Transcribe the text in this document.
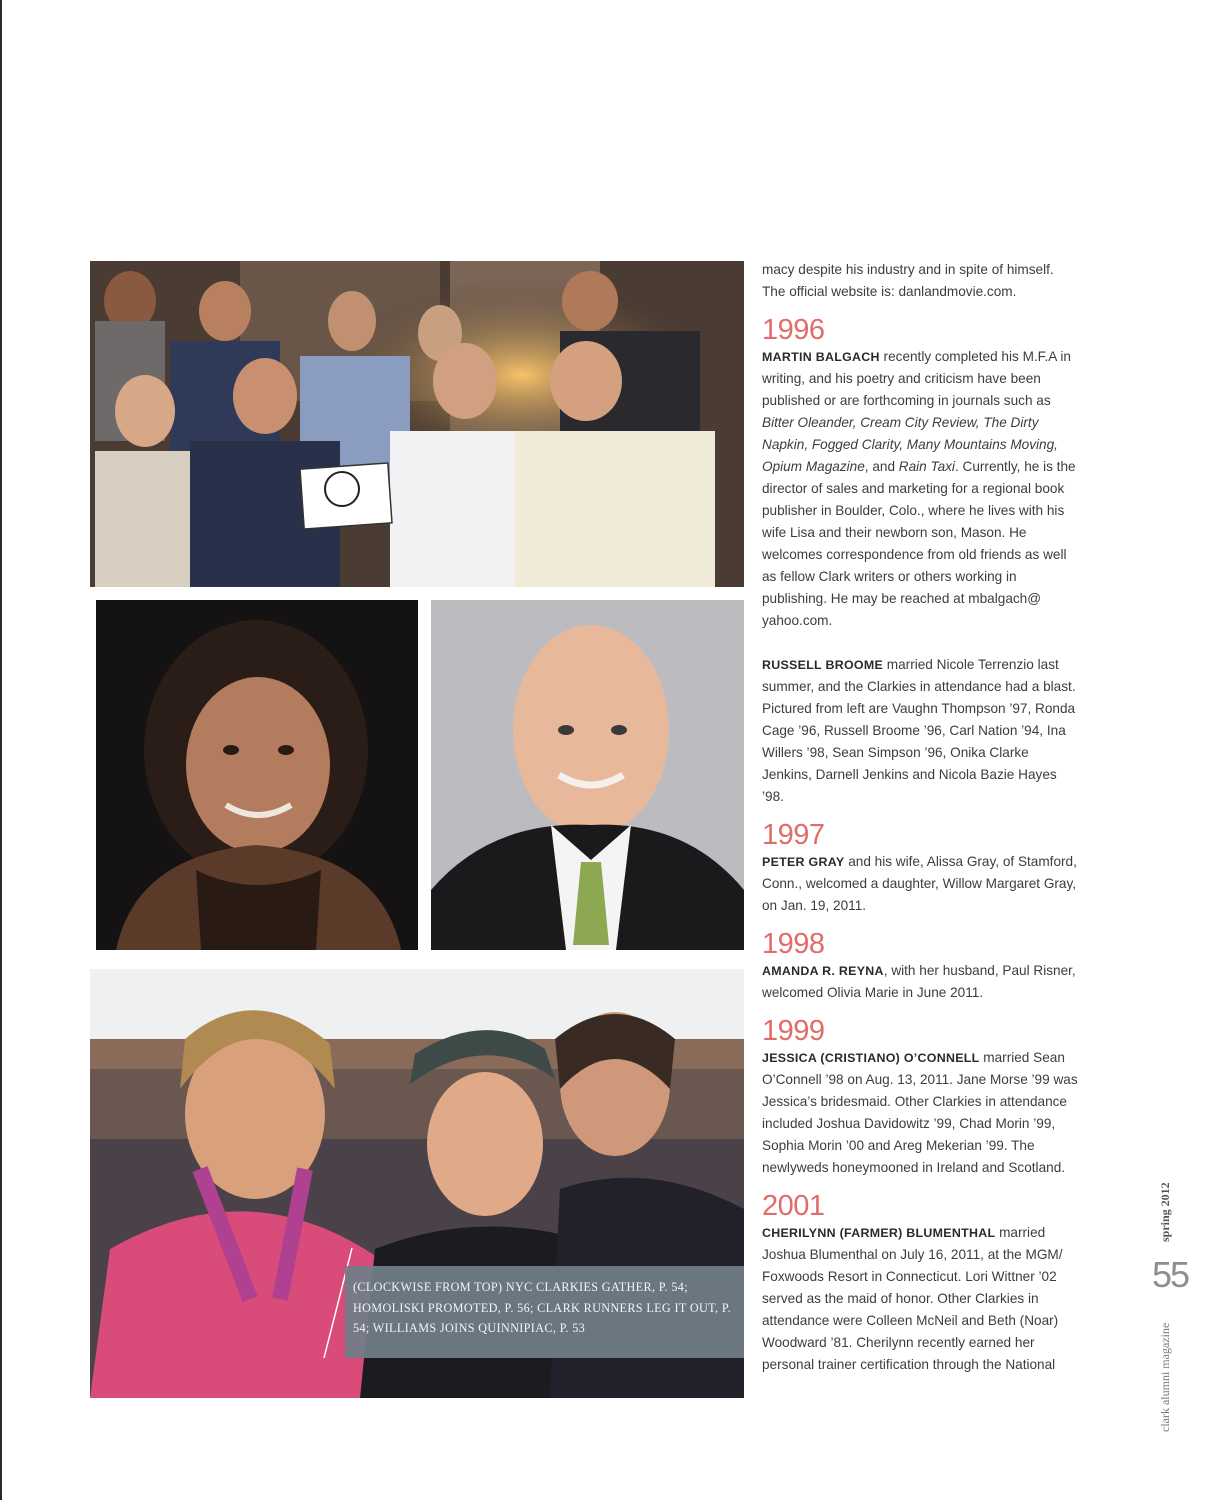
(CLOCKWISE FROM TOP) NYC CLARKIES GATHER, P. 54; HOMOLISKI PROMOTED, P. 56; CLARK RUNNERS LEG IT OUT, P. 54; WILLIAMS JOINS QUINNIPIAC, P. 53

macy despite his industry and in spite of himself. The official website is: danlandmovie.com.

1996

MARTIN BALGACH recently completed his M.F.A in writing, and his poetry and criticism have been published or are forthcoming in journals such as Bitter Oleander, Cream City Review, The Dirty Napkin, Fogged Clarity, Many Mountains Moving, Opium Magazine, and Rain Taxi. Currently, he is the director of sales and marketing for a regional book publisher in Boulder, Colo., where he lives with his wife Lisa and their newborn son, Mason. He welcomes correspondence from old friends as well as fellow Clark writers or others working in publishing. He may be reached at mbalgach@ yahoo.com.

RUSSELL BROOME married Nicole Terrenzio last summer, and the Clarkies in attendance had a blast. Pictured from left are Vaughn Thompson ’97, Ronda Cage ’96, Russell Broome ’96, Carl Nation ’94, Ina Willers ’98, Sean Simpson ’96, Onika Clarke Jenkins, Darnell Jenkins and Nicola Bazie Hayes ’98.

1997

PETER GRAY and his wife, Alissa Gray, of Stamford, Conn., welcomed a daughter, Willow Margaret Gray, on Jan. 19, 2011.

1998

AMANDA R. REYNA, with her husband, Paul Risner, welcomed Olivia Marie in June 2011.

1999

JESSICA (CRISTIANO) O’CONNELL married Sean O’Connell ’98 on Aug. 13, 2011. Jane Morse ’99 was Jessica’s bridesmaid. Other Clarkies in attendance included Joshua Davidowitz ’99, Chad Morin ’99, Sophia Morin ’00 and Areg Mekerian ’99. The newlyweds honeymooned in Ireland and Scotland.

2001

CHERILYNN (FARMER) BLUMENTHAL married Joshua Blumenthal on July 16, 2011, at the MGM/ Foxwoods Resort in Connecticut. Lori Wittner ’02 served as the maid of honor. Other Clarkies in attendance were Colleen McNeil and Beth (Noar) Woodward ’81. Cherilynn recently earned her personal trainer certification through the National

55
clark alumni magazine
spring 2012
